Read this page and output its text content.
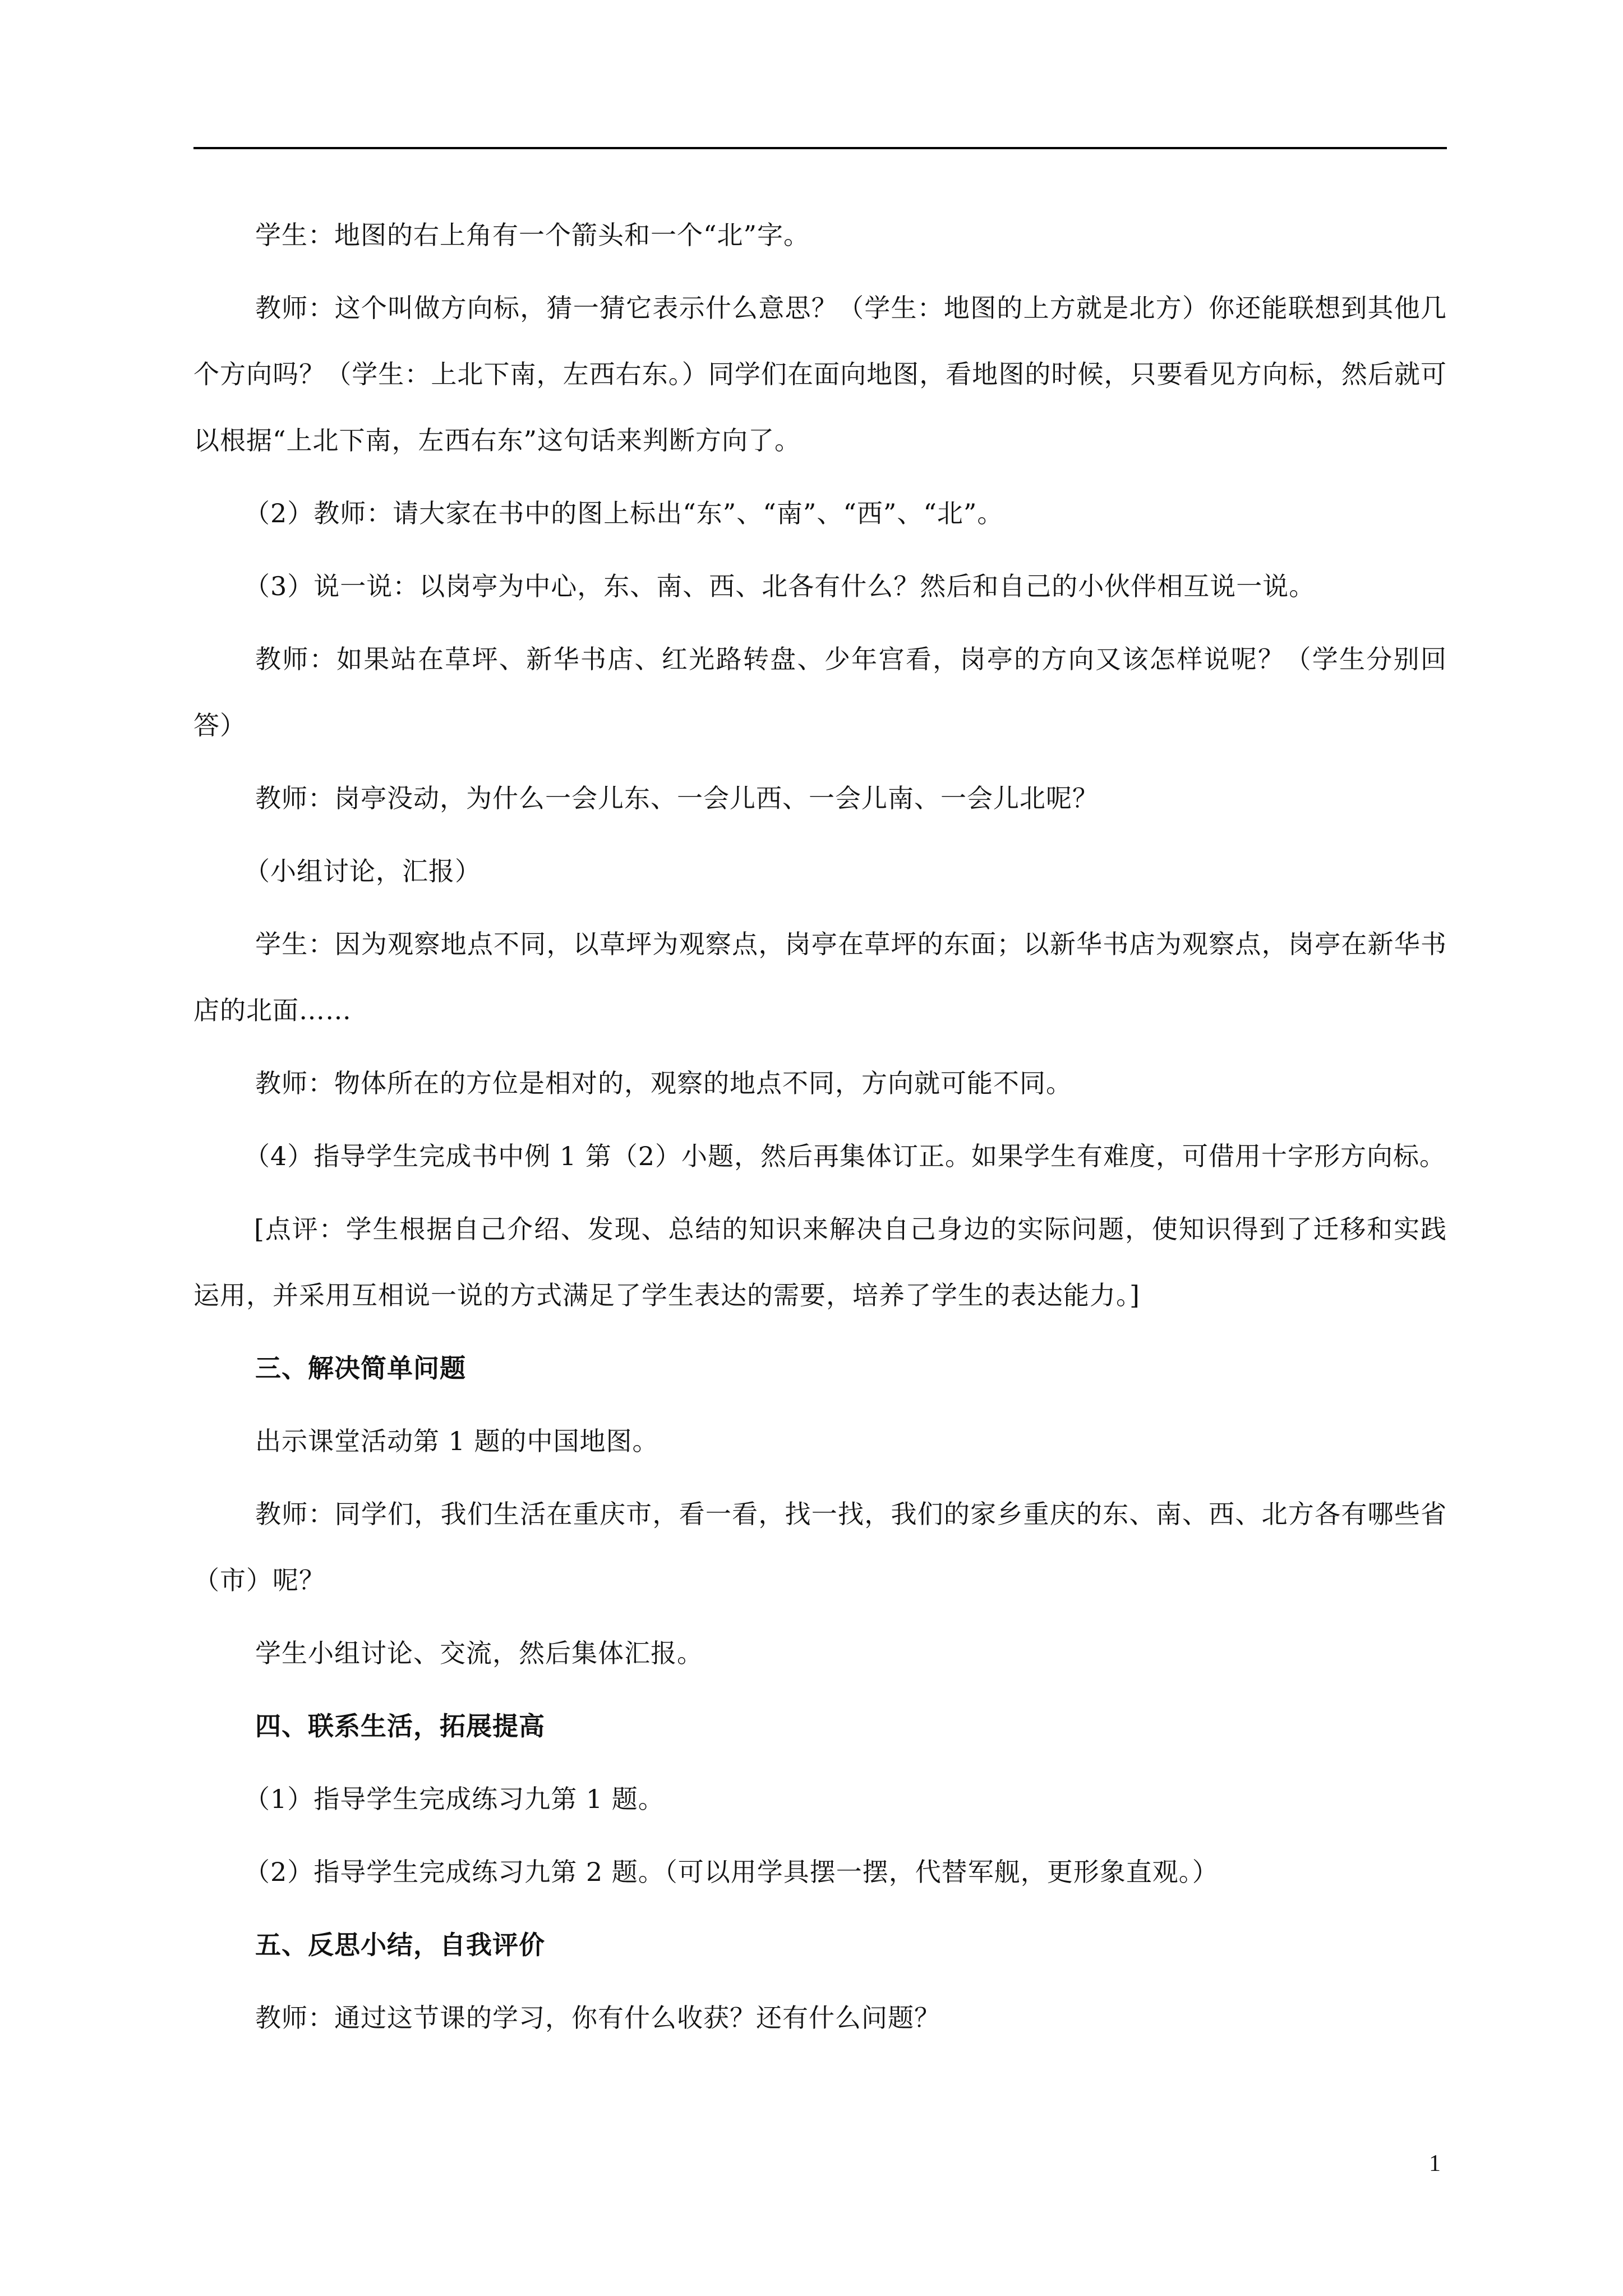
学生：地图的右上角有一个箭头和一个“北”字。

教师：这个叫做方向标，猜一猜它表示什么意思？（学生：地图的上方就是北方）你还能联想到其他几个方向吗？（学生：上北下南，左西右东。）同学们在面向地图，看地图的时候，只要看见方向标，然后就可以根据“上北下南，左西右东”这句话来判断方向了。

（2）教师：请大家在书中的图上标出“东”、“南”、“西”、“北”。

（3）说一说：以岗亭为中心，东、南、西、北各有什么？然后和自己的小伙伴相互说一说。

教师：如果站在草坪、新华书店、红光路转盘、少年宫看，岗亭的方向又该怎样说呢？（学生分别回答）

教师：岗亭没动，为什么一会儿东、一会儿西、一会儿南、一会儿北呢？

（小组讨论，汇报）

学生：因为观察地点不同，以草坪为观察点，岗亭在草坪的东面；以新华书店为观察点，岗亭在新华书店的北面……

教师：物体所在的方位是相对的，观察的地点不同，方向就可能不同。

（4）指导学生完成书中例 1 第（2）小题，然后再集体订正。如果学生有难度，可借用十字形方向标。

[点评：学生根据自己介绍、发现、总结的知识来解决自己身边的实际问题，使知识得到了迁移和实践运用，并采用互相说一说的方式满足了学生表达的需要，培养了学生的表达能力。]

三、解决简单问题

出示课堂活动第 1 题的中国地图。

教师：同学们，我们生活在重庆市，看一看，找一找，我们的家乡重庆的东、南、西、北方各有哪些省（市）呢？

学生小组讨论、交流，然后集体汇报。

四、联系生活，拓展提高

（1）指导学生完成练习九第 1 题。

（2）指导学生完成练习九第 2 题。（可以用学具摆一摆，代替军舰，更形象直观。）

五、反思小结，自我评价

教师：通过这节课的学习，你有什么收获？还有什么问题？

1
